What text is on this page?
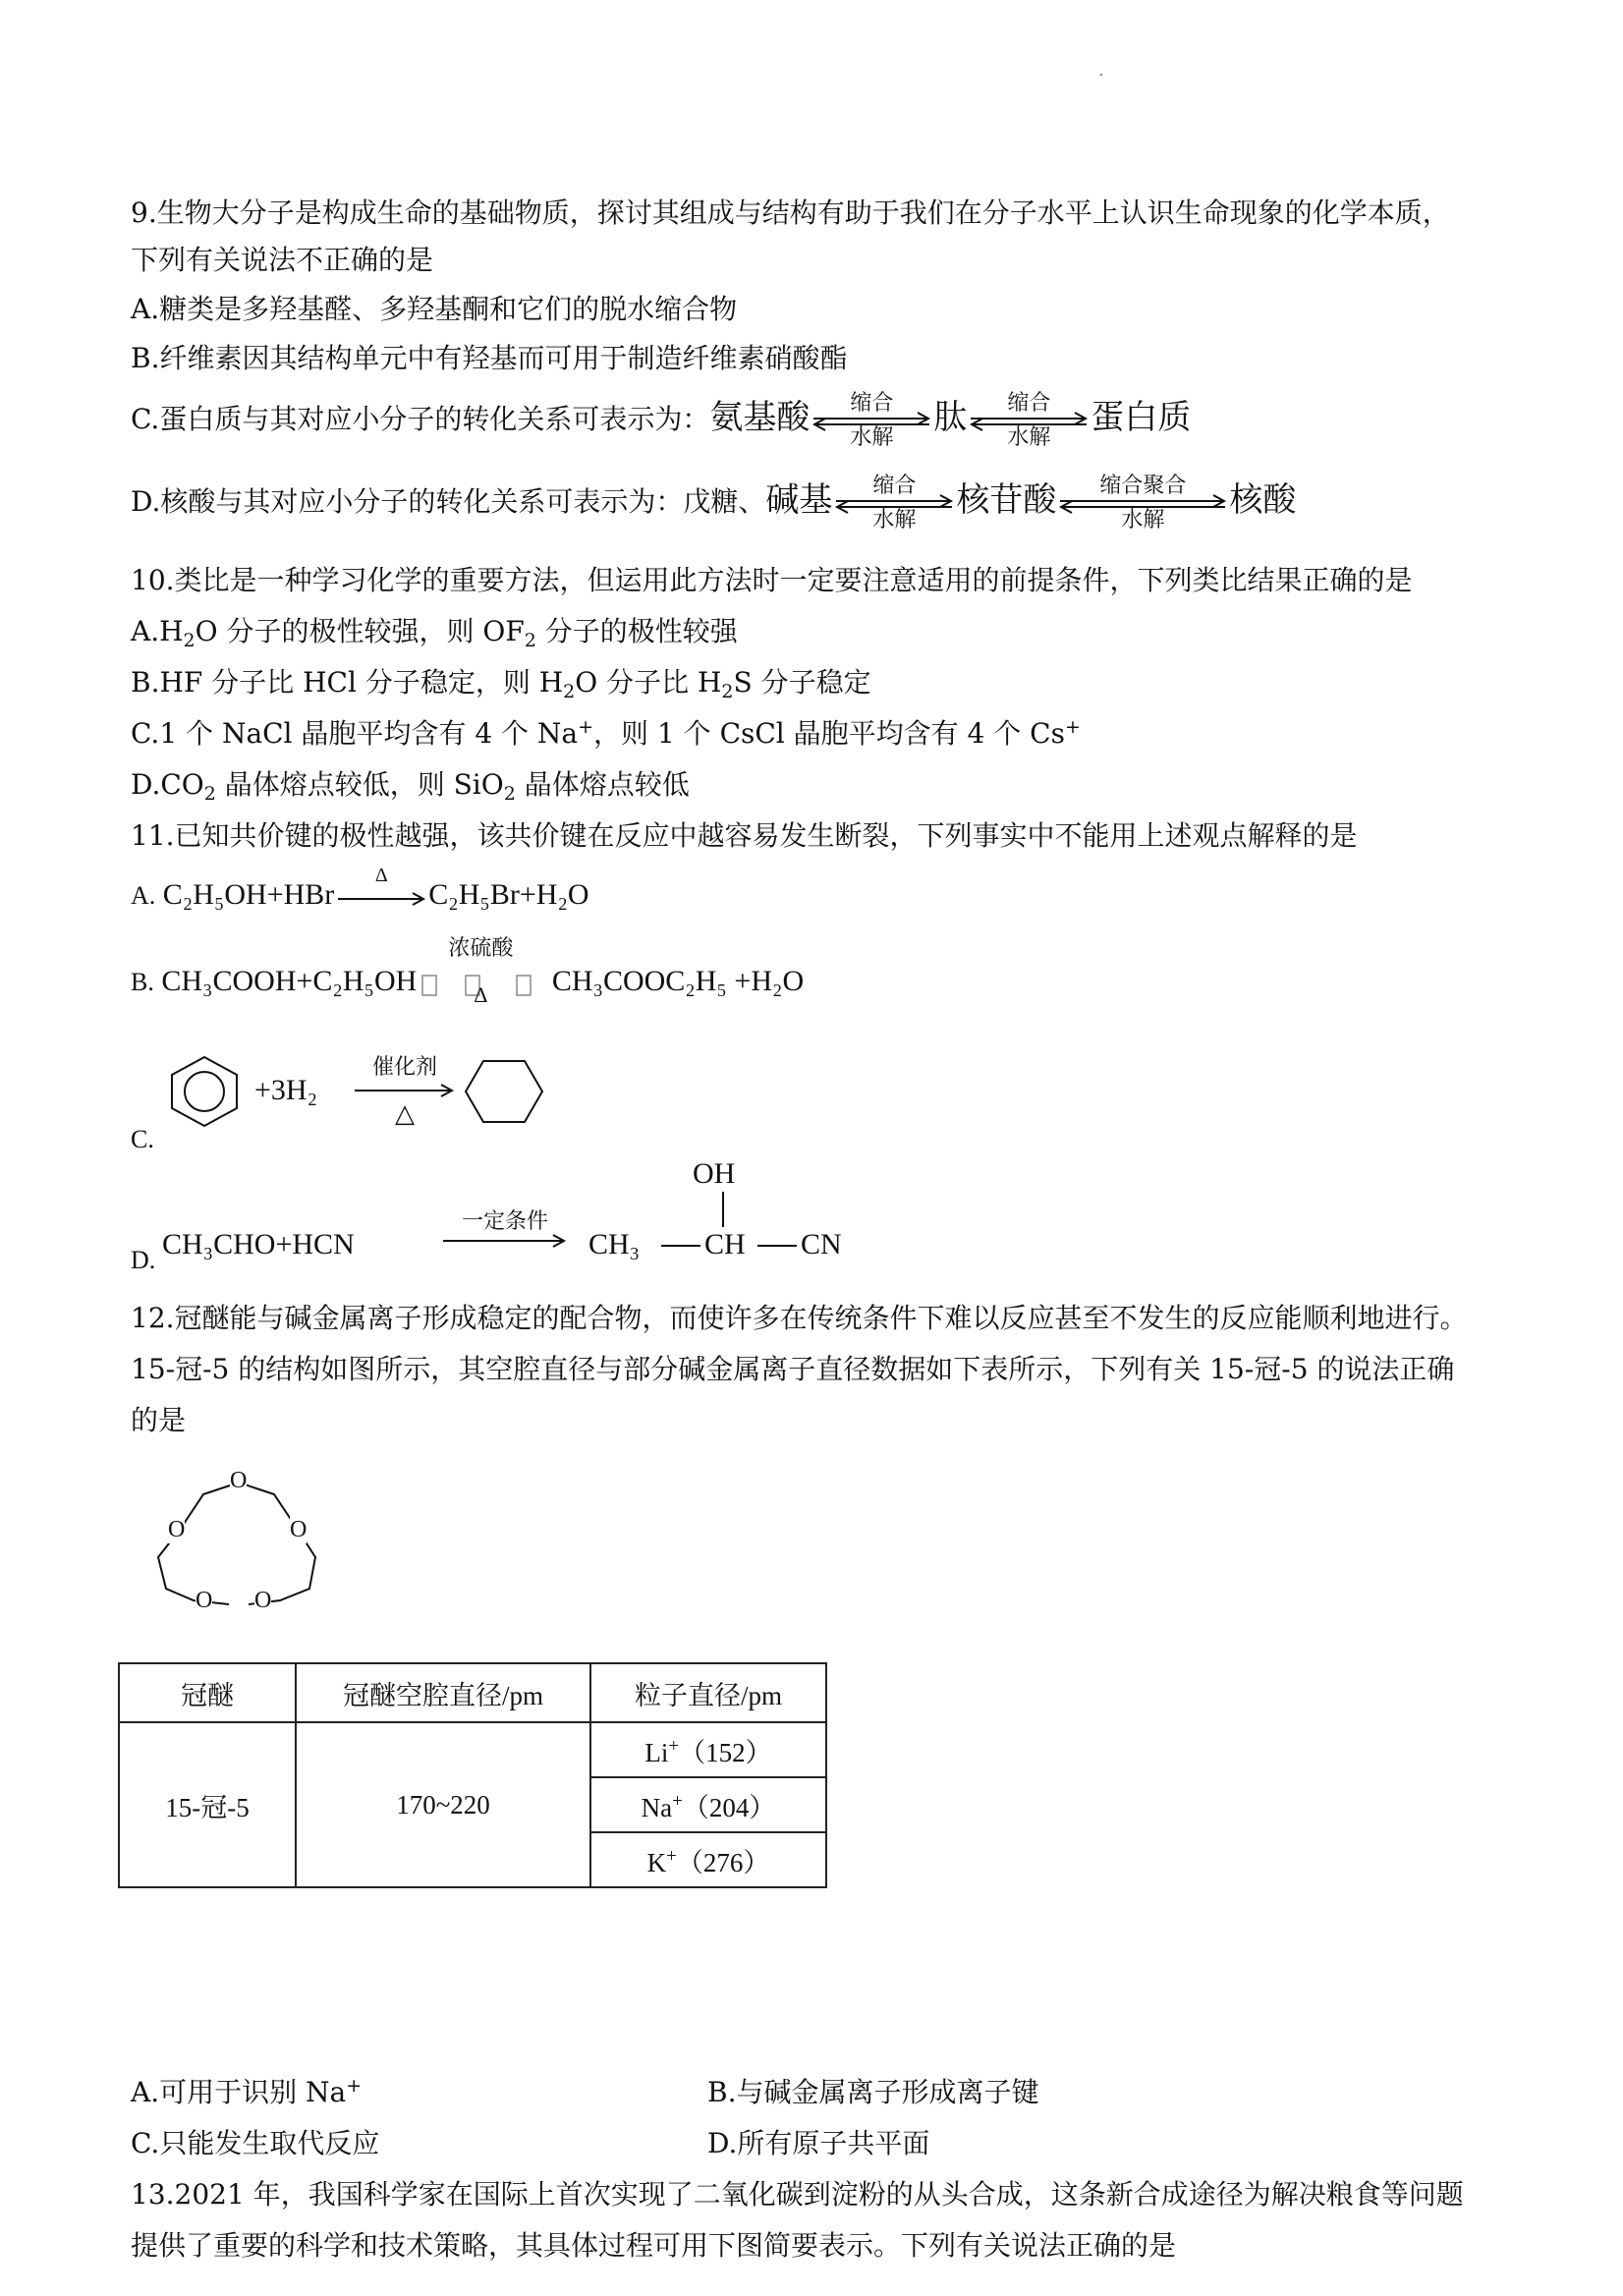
9.生物大分子是构成生命的基础物质，探讨其组成与结构有助于我们在分子水平上认识生命现象的化学本质，
下列有关说法不正确的是
A.糖类是多羟基醛、多羟基酮和它们的脱水缩合物
B.纤维素因其结构单元中有羟基而可用于制造纤维素硝酸酯
C.蛋白质与其对应小分子的转化关系可表示为：氨基酸	缩合
水解	肽	缩合
水解	蛋白质
D.核酸与其对应小分子的转化关系可表示为：戊糖、碱基	缩合
水解	核苷酸	缩合聚合
水解	核酸
10.类比是一种学习化学的重要方法，但运用此方法时一定要注意适用的前提条件，下列类比结果正确的是
$A.H_2O$ 分子的极性较强，则 $OF_2$ 分子的极性较强
B.HF 分子比 HCl 分子稳定，则 $H_2O$ 分子比 $H_2S$ 分子稳定
C.1 个 NaCl 晶胞平均含有 4 个 Na+，则 1 个 CsCl 晶胞平均含有 4 个 Cs+
$D.CO_2$ 晶体熔点较低，则 SiO$_2$ 晶体熔点较低
11.已知共价键的极性越强，该共价键在反应中越容易发生断裂，下列事实中不能用上述观点解释的是
A. C₂H₅OH+HBr
Δ
C₂H₅Br+H₂O
B. CH₃COOH+C₂H₅OH
浓硫酸
Δ	CH₃COOC₂H₅ +H₂O
+3H₂
催化剂
△
C.
D. CH₃CHO+HCN
一定条件
CH₃ CH
OH
CN
12.冠醚能与碱金属离子形成稳定的配合物，而使许多在传统条件下难以反应甚至不发生的反应能顺利地进行。
15-冠-5 的结构如图所示，其空腔直径与部分碱金属离子直径数据如下表所示，下列有关 15-冠-5 的说法正确
的是
O
O	O
O O
A.可用于识别 Na+	B.与碱金属离子形成离子键
C.只能发生取代反应	D.所有原子共平面
13.2021 年，我国科学家在国际上首次实现了二氧化碳到淀粉的从头合成，这条新合成途径为解决粮食等问题
提供了重要的科学和技术策略，其具体过程可用下图简要表示。下列有关说法正确的是
冠醚	冠醚空腔直径/pm	粒子直径/pm
15-冠-5	170~220	Li+（152）
		Na+（204）
		K+（276）
